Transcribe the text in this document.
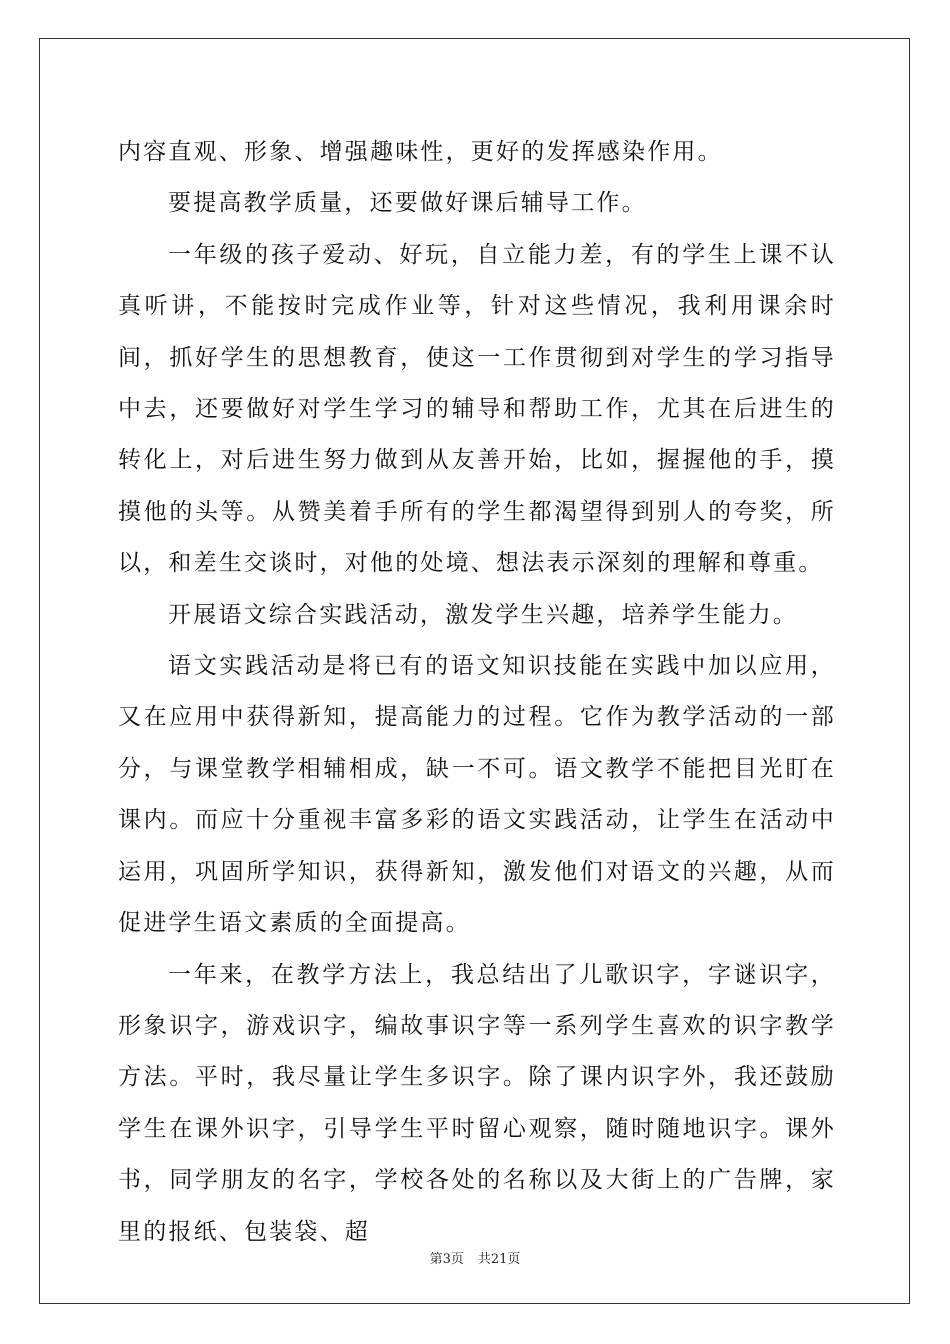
内容直观、形象、增强趣味性，更好的发挥感染作用。

要提高教学质量，还要做好课后辅导工作。

一年级的孩子爱动、好玩，自立能力差，有的学生上课不认真听讲，不能按时完成作业等，针对这些情况，我利用课余时间，抓好学生的思想教育，使这一工作贯彻到对学生的学习指导中去，还要做好对学生学习的辅导和帮助工作，尤其在后进生的转化上，对后进生努力做到从友善开始，比如，握握他的手，摸摸他的头等。从赞美着手所有的学生都渴望得到别人的夸奖，所以，和差生交谈时，对他的处境、想法表示深刻的理解和尊重。

开展语文综合实践活动，激发学生兴趣，培养学生能力。

语文实践活动是将已有的语文知识技能在实践中加以应用，又在应用中获得新知，提高能力的过程。它作为教学活动的一部分，与课堂教学相辅相成，缺一不可。语文教学不能把目光盯在课内。而应十分重视丰富多彩的语文实践活动，让学生在活动中运用，巩固所学知识，获得新知，激发他们对语文的兴趣，从而促进学生语文素质的全面提高。

一年来，在教学方法上，我总结出了儿歌识字，字谜识字，形象识字，游戏识字，编故事识字等一系列学生喜欢的识字教学方法。平时，我尽量让学生多识字。除了课内识字外，我还鼓励学生在课外识字，引导学生平时留心观察，随时随地识字。课外书，同学朋友的名字，学校各处的名称以及大街上的广告牌，家里的报纸、包装袋、超

第3页 共21页
